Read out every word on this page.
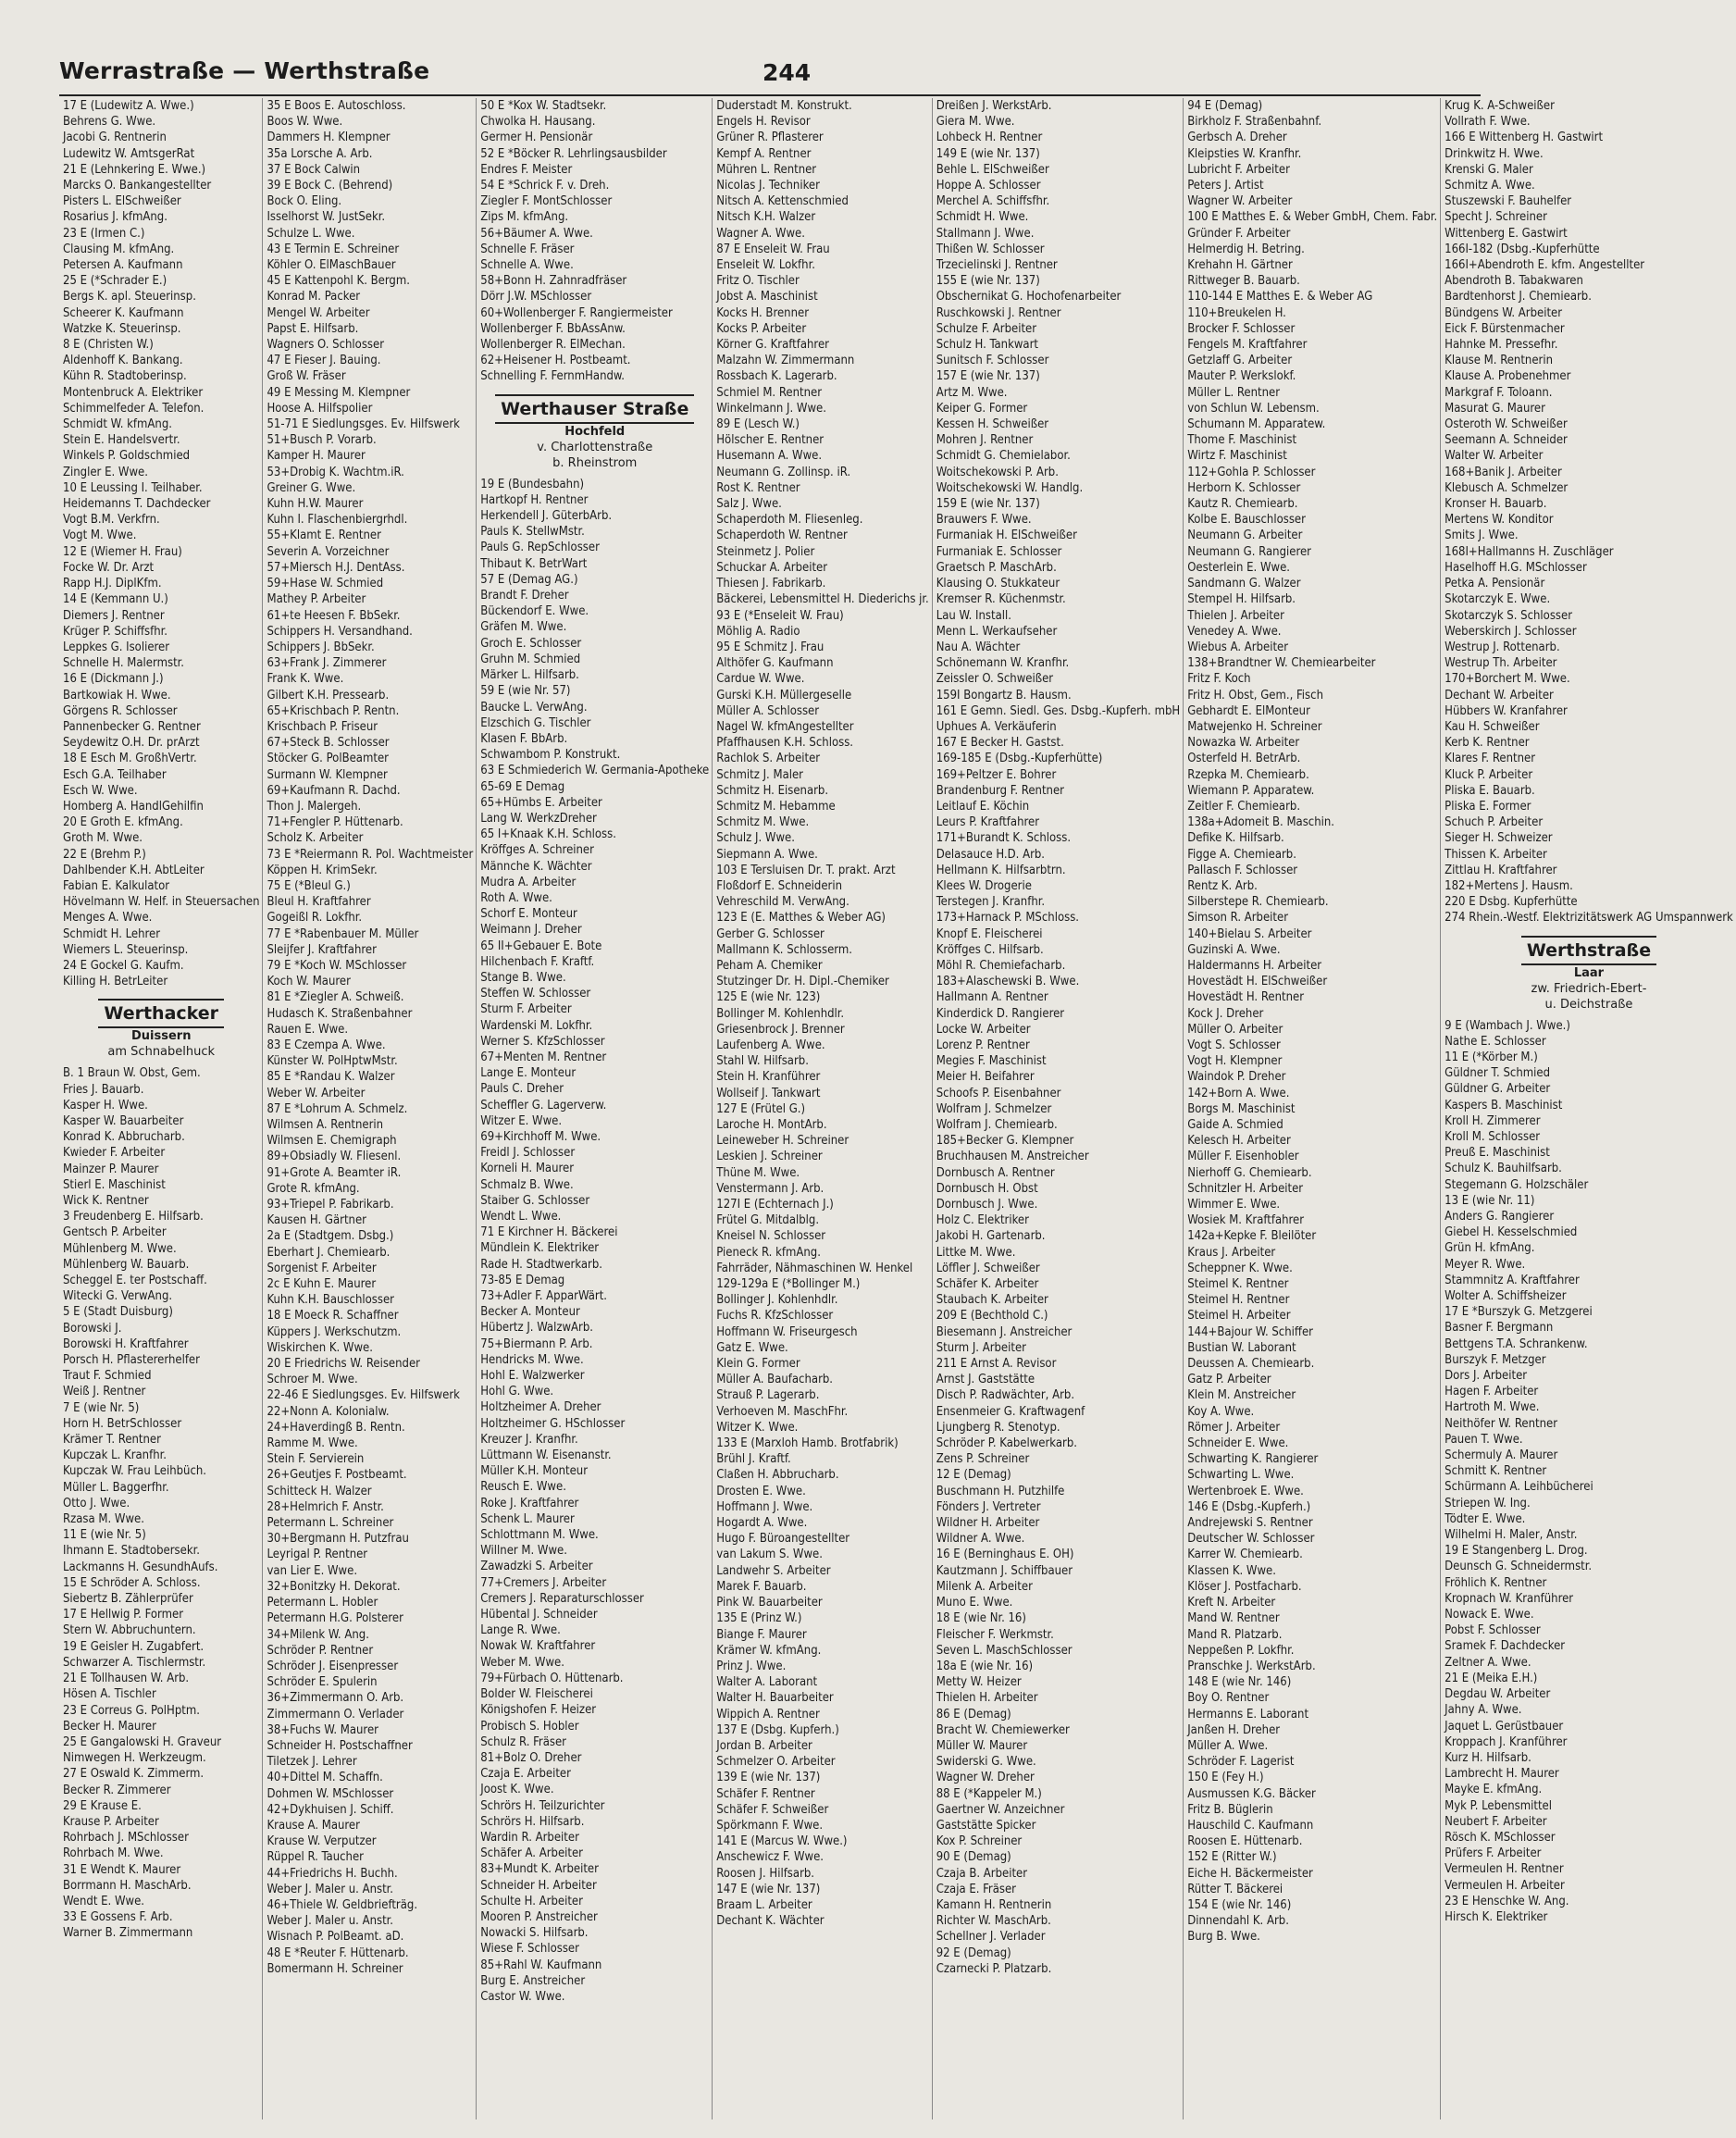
Werrastraße — Werthstraße	244
17 E (Ludewitz A. Wwe.)
Behrens G. Wwe.
Jacobi G. Rentnerin
Ludewitz W. AmtsgerRat
21 E (Lehnkering E. Wwe.)
Marcks O. Bankangestellter
Pisters L. ElSchweißer
Rosarius J. kfmAng.
23 E (Irmen C.)
Clausing M. kfmAng.
Petersen A. Kaufmann
25 E (*Schrader E.)
Bergs K. apl. Steuerinsp.
Scheerer K. Kaufmann
Watzke K. Steuerinsp.
8 E (Christen W.)
Aldenhoff K. Bankang.
Kühn R. Stadtoberinsp.
Montenbruck A. Elektriker
Schimmelfeder A. Telefon.
Schmidt W. kfmAng.
Stein E. Handelsvertr.
Winkels P. Goldschmied
Zingler E. Wwe.
10 E Leussing I. Teilhaber.
Heidemanns T. Dachdecker
Vogt B.M. Verkfrn.
Vogt M. Wwe.
12 E (Wiemer H. Frau)
Focke W. Dr. Arzt
Rapp H.J. DiplKfm.
14 E (Kemmann U.)
Diemers J. Rentner
Krüger P. Schiffsfhr.
Leppkes G. Isolierer
Schnelle H. Malermstr.
16 E (Dickmann J.)
Bartkowiak H. Wwe.
Görgens R. Schlosser
Pannenbecker G. Rentner
Seydewitz O.H. Dr. prArzt
18 E Esch M. GroßhVertr.
Esch G.A. Teilhaber
Esch W. Wwe.
Homberg A. HandlGehilfin
20 E Groth E. kfmAng.
Groth M. Wwe.
22 E (Brehm P.)
Dahlbender K.H. AbtLeiter
Fabian E. Kalkulator
Hövelmann W. Helf. in Steuersachen
Menges A. Wwe.
Schmidt H. Lehrer
Wiemers L. Steuerinsp.
24 E Gockel G. Kaufm.
Killing H. BetrLeiter
Werthacker
Duissern
am Schnabelhuck
B. 1 Braun W. Obst, Gem.
Fries J. Bauarb.
Kasper H. Wwe.
Kasper W. Bauarbeiter
Konrad K. Abbrucharb.
Kwieder F. Arbeiter
Mainzer P. Maurer
Stierl E. Maschinist
Wick K. Rentner
3 Freudenberg E. Hilfsarb.
Gentsch P. Arbeiter
Mühlenberg M. Wwe.
Mühlenberg W. Bauarb.
Scheggel E. ter Postschaff.
Witecki G. VerwAng.
5 E (Stadt Duisburg)
Borowski J.
Borowski H. Kraftfahrer
Porsch H. Pflastererhelfer
Traut F. Schmied
Weiß J. Rentner
7 E (wie Nr. 5)
Horn H. BetrSchlosser
Krämer T. Rentner
Kupczak L. Kranfhr.
Kupczak W. Frau Leihbüch.
Müller L. Baggerfhr.
Otto J. Wwe.
Rzasa M. Wwe.
11 E (wie Nr. 5)
Ihmann E. Stadtobersekr.
Lackmanns H. GesundhAufs.
15 E Schröder A. Schloss.
Siebertz B. Zählerprüfer
17 E Hellwig P. Former
Stern W. Abbruchuntern.
19 E Geisler H. Zugabfert.
Schwarzer A. Tischlermstr.
21 E Tollhausen W. Arb.
Hösen A. Tischler
23 E Correus G. PolHptm.
Becker H. Maurer
25 E Gangalowski H. Graveur
Nimwegen H. Werkzeugm.
27 E Oswald K. Zimmerm.
Becker R. Zimmerer
29 E Krause E.
Krause P. Arbeiter
Rohrbach J. MSchlosser
Rohrbach M. Wwe.
31 E Wendt K. Maurer
Borrmann H. MaschArb.
Wendt E. Wwe.
33 E Gossens F. Arb.
Warner B. Zimmermann
35 E Boos E. Autoschloss.
Boos W. Wwe.
Dammers H. Klempner
35a Lorsche A. Arb.
37 E Bock Calwin
39 E Bock C. (Behrend)
Bock O. Eling.
Isselhorst W. JustSekr.
Schulze L. Wwe.
43 E Termin E. Schreiner
Köhler O. ElMaschBauer
45 E Kattenpohl K. Bergm.
Konrad M. Packer
Mengel W. Arbeiter
Papst E. Hilfsarb.
Wagners O. Schlosser
47 E Fieser J. Bauing.
Groß W. Fräser
49 E Messing M. Klempner
Hoose A. Hilfspolier
51-71 E Siedlungsges. Ev. Hilfswerk
51+Busch P. Vorarb.
Kamper H. Maurer
53+Drobig K. Wachtm.iR.
Greiner G. Wwe.
Kuhn H.W. Maurer
Kuhn I. Flaschenbiergrhdl.
55+Klamt E. Rentner
Severin A. Vorzeichner
57+Miersch H.J. DentAss.
59+Hase W. Schmied
Mathey P. Arbeiter
61+te Heesen F. BbSekr.
Schippers H. Versandhand.
Schippers J. BbSekr.
63+Frank J. Zimmerer
Frank K. Wwe.
Gilbert K.H. Pressearb.
65+Krischbach P. Rentn.
Krischbach P. Friseur
67+Steck B. Schlosser
Stöcker G. PolBeamter
Surmann W. Klempner
69+Kaufmann R. Dachd.
Thon J. Malergeh.
71+Fengler P. Hüttenarb.
Scholz K. Arbeiter
73 E *Reiermann R. Pol. Wachtmeister
Köppen H. KrimSekr.
75 E (*Bleul G.)
Bleul H. Kraftfahrer
Gogeißl R. Lokfhr.
77 E *Rabenbauer M. Müller
Sleijfer J. Kraftfahrer
79 E *Koch W. MSchlosser
Koch W. Maurer
81 E *Ziegler A. Schweiß.
Hudasch K. Straßenbahner
Rauen E. Wwe.
83 E Czempa A. Wwe.
Künster W. PolHptwMstr.
85 E *Randau K. Walzer
Weber W. Arbeiter
87 E *Lohrum A. Schmelz.
Wilmsen A. Rentnerin
Wilmsen E. Chemigraph
89+Obsiadly W. Fliesenl.
91+Grote A. Beamter iR.
Grote R. kfmAng.
93+Triepel P. Fabrikarb.
Kausen H. Gärtner
2a E (Stadtgem. Dsbg.)
Eberhart J. Chemiearb.
Sorgenist F. Arbeiter
2c E Kuhn E. Maurer
Kuhn K.H. Bauschlosser
18 E Moeck R. Schaffner
Küppers J. Werkschutzm.
Wiskirchen K. Wwe.
20 E Friedrichs W. Reisender
Schroer M. Wwe.
22-46 E Siedlungsges. Ev. Hilfswerk
22+Nonn A. Kolonialw.
24+Haverdingß B. Rentn.
Ramme M. Wwe.
Stein F. Servierein
26+Geutjes F. Postbeamt.
Schitteck H. Walzer
28+Helmrich F. Anstr.
Petermann L. Schreiner
30+Bergmann H. Putzfrau
Leyrigal P. Rentner
van Lier E. Wwe.
32+Bonitzky H. Dekorat.
Petermann L. Hobler
Petermann H.G. Polsterer
34+Milenk W. Ang.
Schröder P. Rentner
Schröder J. Eisenpresser
Schröder E. Spulerin
36+Zimmermann O. Arb.
Zimmermann O. Verlader
38+Fuchs W. Maurer
Schneider H. Postschaffner
Tiletzek J. Lehrer
40+Dittel M. Schaffn.
Dohmen W. MSchlosser
42+Dykhuisen J. Schiff.
Krause A. Maurer
Krause W. Verputzer
Rüppel R. Taucher
44+Friedrichs H. Buchh.
Weber J. Maler u. Anstr.
46+Thiele W. Geldbriefträg.
Weber J. Maler u. Anstr.
Wisnach P. PolBeamt. aD.
48 E *Reuter F. Hüttenarb.
Bomermann H. Schreiner
50 E *Kox W. Stadtsekr.
Chwolka H. Hausang.
Germer H. Pensionär
52 E *Böcker R. Lehrlingsausbilder
Endres F. Meister
54 E *Schrick F. v. Dreh.
Ziegler F. MontSchlosser
Zips M. kfmAng.
56+Bäumer A. Wwe.
Schnelle F. Fräser
Schnelle A. Wwe.
58+Bonn H. Zahnradfräser
Dörr J.W. MSchlosser
60+Wollenberger F. Rangiermeister
Wollenberger F. BbAssAnw.
Wollenberger R. ElMechan.
62+Heisener H. Postbeamt.
Schnelling F. FernmHandw.
Werthauser Straße
Hochfeld
v. Charlottenstraße
b. Rheinstrom
19 E (Bundesbahn)
Hartkopf H. Rentner
Herkendell J. GüterbArb.
Pauls K. StellwMstr.
Pauls G. RepSchlosser
Thibaut K. BetrWart
57 E (Demag AG.)
Brandt F. Dreher
Bückendorf E. Wwe.
Gräfen M. Wwe.
Groch E. Schlosser
Gruhn M. Schmied
Märker L. Hilfsarb.
59 E (wie Nr. 57)
Baucke L. VerwAng.
Elzschich G. Tischler
Klasen F. BbArb.
Schwambom P. Konstrukt.
63 E Schmiederich W. Germania-Apotheke
65-69 E Demag
65+Hümbs E. Arbeiter
Lang W. WerkzDreher
65 I+Knaak K.H. Schloss.
Kröffges A. Schreiner
Männche K. Wächter
Mudra A. Arbeiter
Roth A. Wwe.
Schorf E. Monteur
Weimann J. Dreher
65 II+Gebauer E. Bote
Hilchenbach F. Kraftf.
Stange B. Wwe.
Steffen W. Schlosser
Sturm F. Arbeiter
Wardenski M. Lokfhr.
Werner S. KfzSchlosser
67+Menten M. Rentner
Lange E. Monteur
Pauls C. Dreher
Scheffler G. Lagerverw.
Witzer E. Wwe.
69+Kirchhoff M. Wwe.
Freidl J. Schlosser
Korneli H. Maurer
Schmalz B. Wwe.
Staiber G. Schlosser
Wendt L. Wwe.
71 E Kirchner H. Bäckerei
Mündlein K. Elektriker
Rade H. Stadtwerkarb.
73-85 E Demag
73+Adler F. ApparWärt.
Becker A. Monteur
Hübertz J. WalzwArb.
75+Biermann P. Arb.
Hendricks M. Wwe.
Hohl E. Walzwerker
Hohl G. Wwe.
Holtzheimer A. Dreher
Holtzheimer G. HSchlosser
Kreuzer J. Kranfhr.
Lüttmann W. Eisenanstr.
Müller K.H. Monteur
Reusch E. Wwe.
Roke J. Kraftfahrer
Schenk L. Maurer
Schlottmann M. Wwe.
Willner M. Wwe.
Zawadzki S. Arbeiter
77+Cremers J. Arbeiter
Cremers J. Reparaturschlosser
Hübental J. Schneider
Lange R. Wwe.
Nowak W. Kraftfahrer
Weber M. Wwe.
79+Fürbach O. Hüttenarb.
Bolder W. Fleischerei
Königshofen F. Heizer
Probisch S. Hobler
Schulz R. Fräser
81+Bolz O. Dreher
Czaja E. Arbeiter
Joost K. Wwe.
Schrörs H. Teilzurichter
Schrörs H. Hilfsarb.
Wardin R. Arbeiter
Schäfer A. Arbeiter
83+Mundt K. Arbeiter
Schneider H. Arbeiter
Schulte H. Arbeiter
Mooren P. Anstreicher
Nowacki S. Hilfsarb.
Wiese F. Schlosser
85+Rahl W. Kaufmann
Burg E. Anstreicher
Castor W. Wwe.
Duderstadt M. Konstrukt.
Engels H. Revisor
Grüner R. Pflasterer
Kempf A. Rentner
Mühren L. Rentner
Nicolas J. Techniker
Nitsch A. Kettenschmied
Nitsch K.H. Walzer
Wagner A. Wwe.
87 E Enseleit W. Frau
Enseleit W. Lokfhr.
Fritz O. Tischler
Jobst A. Maschinist
Kocks H. Brenner
Kocks P. Arbeiter
Körner G. Kraftfahrer
Malzahn W. Zimmermann
Rossbach K. Lagerarb.
Schmiel M. Rentner
Winkelmann J. Wwe.
89 E (Lesch W.)
Hölscher E. Rentner
Husemann A. Wwe.
Neumann G. Zollinsp. iR.
Rost K. Rentner
Salz J. Wwe.
Schaperdoth M. Fliesenleg.
Schaperdoth W. Rentner
Steinmetz J. Polier
Schuckar A. Arbeiter
Thiesen J. Fabrikarb.
Bäckerei, Lebensmittel H. Diederichs jr.
93 E (*Enseleit W. Frau)
Möhlig A. Radio
95 E Schmitz J. Frau
Althöfer G. Kaufmann
Cardue W. Wwe.
Gurski K.H. Müllergeselle
Müller A. Schlosser
Nagel W. kfmAngestellter
Pfaffhausen K.H. Schloss.
Rachlok S. Arbeiter
Schmitz J. Maler
Schmitz H. Eisenarb.
Schmitz M. Hebamme
Schmitz M. Wwe.
Schulz J. Wwe.
Siepmann A. Wwe.
103 E Tersluisen Dr. T. prakt. Arzt
Floßdorf E. Schneiderin
Vehreschild M. VerwAng.
123 E (E. Matthes & Weber AG)
Gerber G. Schlosser
Mallmann K. Schlosserm.
Peham A. Chemiker
Stutzinger Dr. H. Dipl.-Chemiker
125 E (wie Nr. 123)
Bollinger M. Kohlenhdlr.
Griesenbrock J. Brenner
Laufenberg A. Wwe.
Stahl W. Hilfsarb.
Stein H. Kranführer
Wollseif J. Tankwart
127 E (Frütel G.)
Laroche H. MontArb.
Leineweber H. Schreiner
Leskien J. Schreiner
Thüne M. Wwe.
Venstermann J. Arb.
127I E (Echternach J.)
Frütel G. Mitdalblg.
Kneisel N. Schlosser
Pieneck R. kfmAng.
Fahrräder, Nähmaschinen W. Henkel
129-129a E (*Bollinger M.)
Bollinger J. Kohlenhdlr.
Fuchs R. KfzSchlosser
Hoffmann W. Friseurgesch
Gatz E. Wwe.
Klein G. Former
Müller A. Baufacharb.
Strauß P. Lagerarb.
Verhoeven M. MaschFhr.
Witzer K. Wwe.
133 E (Marxloh Hamb. Brotfabrik)
Brühl J. Kraftf.
Claßen H. Abbrucharb.
Drosten E. Wwe.
Hoffmann J. Wwe.
Hogardt A. Wwe.
Hugo F. Büroangestellter
van Lakum S. Wwe.
Landwehr S. Arbeiter
Marek F. Bauarb.
Pink W. Bauarbeiter
135 E (Prinz W.)
Biange F. Maurer
Krämer W. kfmAng.
Prinz J. Wwe.
Walter A. Laborant
Walter H. Bauarbeiter
Wippich A. Rentner
137 E (Dsbg. Kupferh.)
Jordan B. Arbeiter
Schmelzer O. Arbeiter
139 E (wie Nr. 137)
Schäfer F. Rentner
Schäfer F. Schweißer
Spörkmann F. Wwe.
141 E (Marcus W. Wwe.)
Anschewicz F. Wwe.
Roosen J. Hilfsarb.
147 E (wie Nr. 137)
Braam L. Arbeiter
Dechant K. Wächter
Dreißen J. WerkstArb.
Giera M. Wwe.
Lohbeck H. Rentner
149 E (wie Nr. 137)
Behle L. ElSchweißer
Hoppe A. Schlosser
Merchel A. Schiffsfhr.
Schmidt H. Wwe.
Stallmann J. Wwe.
Thißen W. Schlosser
Trzecielinski J. Rentner
155 E (wie Nr. 137)
Obschernikat G. Hochofenarbeiter
Ruschkowski J. Rentner
Schulze F. Arbeiter
Schulz H. Tankwart
Sunitsch F. Schlosser
157 E (wie Nr. 137)
Artz M. Wwe.
Keiper G. Former
Kessen H. Schweißer
Mohren J. Rentner
Schmidt G. Chemielabor.
Woitschekowski P. Arb.
Woitschekowski W. Handlg.
159 E (wie Nr. 137)
Brauwers F. Wwe.
Furmaniak H. ElSchweißer
Furmaniak E. Schlosser
Graetsch P. MaschArb.
Klausing O. Stukkateur
Kremser R. Küchenmstr.
Lau W. Install.
Menn L. Werkaufseher
Nau A. Wächter
Schönemann W. Kranfhr.
Zeissler O. Schweißer
159I Bongartz B. Hausm.
161 E Gemn. Siedl. Ges. Dsbg.-Kupferh. mbH
Uphues A. Verkäuferin
167 E Becker H. Gastst.
169-185 E (Dsbg.-Kupferhütte)
169+Peltzer E. Bohrer
Brandenburg F. Rentner
Leitlauf E. Köchin
Leurs P. Kraftfahrer
171+Burandt K. Schloss.
Delasauce H.D. Arb.
Hellmann K. Hilfsarbtrn.
Klees W. Drogerie
Terstegen J. Kranfhr.
173+Harnack P. MSchloss.
Knopf E. Fleischerei
Kröffges C. Hilfsarb.
Möhl R. Chemiefacharb.
183+Alaschewski B. Wwe.
Hallmann A. Rentner
Kinderdick D. Rangierer
Locke W. Arbeiter
Lorenz P. Rentner
Megies F. Maschinist
Meier H. Beifahrer
Schoofs P. Eisenbahner
Wolfram J. Schmelzer
Wolfram J. Chemiearb.
185+Becker G. Klempner
Bruchhausen M. Anstreicher
Dornbusch A. Rentner
Dornbusch H. Obst
Dornbusch J. Wwe.
Holz C. Elektriker
Jakobi H. Gartenarb.
Littke M. Wwe.
Löffler J. Schweißer
Schäfer K. Arbeiter
Staubach K. Arbeiter
209 E (Bechthold C.)
Biesemann J. Anstreicher
Sturm J. Arbeiter
211 E Arnst A. Revisor
Arnst J. Gaststätte
Disch P. Radwächter, Arb.
Ensenmeier G. Kraftwagenf
Ljungberg R. Stenotyp.
Schröder P. Kabelwerkarb.
Zens P. Schreiner
12 E (Demag)
Buschmann H. Putzhilfe
Fönders J. Vertreter
Wildner H. Arbeiter
Wildner A. Wwe.
16 E (Berninghaus E. OH)
Kautzmann J. Schiffbauer
Milenk A. Arbeiter
Muno E. Wwe.
18 E (wie Nr. 16)
Fleischer F. Werkmstr.
Seven L. MaschSchlosser
18a E (wie Nr. 16)
Metty W. Heizer
Thielen H. Arbeiter
86 E (Demag)
Bracht W. Chemiewerker
Müller W. Maurer
Swiderski G. Wwe.
Wagner W. Dreher
88 E (*Kappeler M.)
Gaertner W. Anzeichner
Gaststätte Spicker
Kox P. Schreiner
90 E (Demag)
Czaja B. Arbeiter
Czaja E. Fräser
Kamann H. Rentnerin
Richter W. MaschArb.
Schellner J. Verlader
92 E (Demag)
Czarnecki P. Platzarb.
94 E (Demag)
Birkholz F. Straßenbahnf.
Gerbsch A. Dreher
Kleipsties W. Kranfhr.
Lubricht F. Arbeiter
Peters J. Artist
Wagner W. Arbeiter
100 E Matthes E. & Weber GmbH, Chem. Fabr.
Gründer F. Arbeiter
Helmerdig H. Betring.
Krehahn H. Gärtner
Rittweger B. Bauarb.
110-144 E Matthes E. & Weber AG
110+Breukelen H.
Brocker F. Schlosser
Fengels M. Kraftfahrer
Getzlaff G. Arbeiter
Mauter P. Werkslokf.
Müller L. Rentner
von Schlun W. Lebensm.
Schumann M. Apparatew.
Thome F. Maschinist
Wirtz F. Maschinist
112+Gohla P. Schlosser
Herborn K. Schlosser
Kautz R. Chemiearb.
Kolbe E. Bauschlosser
Neumann G. Arbeiter
Neumann G. Rangierer
Oesterlein E. Wwe.
Sandmann G. Walzer
Stempel H. Hilfsarb.
Thielen J. Arbeiter
Venedey A. Wwe.
Wiebus A. Arbeiter
138+Brandtner W. Chemiearbeiter
Fritz F. Koch
Fritz H. Obst, Gem., Fisch
Gebhardt E. ElMonteur
Matwejenko H. Schreiner
Nowazka W. Arbeiter
Osterfeld H. BetrArb.
Rzepka M. Chemiearb.
Wiemann P. Apparatew.
Zeitler F. Chemiearb.
138a+Adomeit B. Maschin.
Defike K. Hilfsarb.
Figge A. Chemiearb.
Pallasch F. Schlosser
Rentz K. Arb.
Silberstepe R. Chemiearb.
Simson R. Arbeiter
140+Bielau S. Arbeiter
Guzinski A. Wwe.
Haldermanns H. Arbeiter
Hovestädt H. ElSchweißer
Hovestädt H. Rentner
Kock J. Dreher
Müller O. Arbeiter
Vogt S. Schlosser
Vogt H. Klempner
Waindok P. Dreher
142+Born A. Wwe.
Borgs M. Maschinist
Gaide A. Schmied
Kelesch H. Arbeiter
Müller F. Eisenhobler
Nierhoff G. Chemiearb.
Schnitzler H. Arbeiter
Wimmer E. Wwe.
Wosiek M. Kraftfahrer
142a+Kepke F. Bleilöter
Kraus J. Arbeiter
Scheppner K. Wwe.
Steimel K. Rentner
Steimel H. Rentner
Steimel H. Arbeiter
144+Bajour W. Schiffer
Bustian W. Laborant
Deussen A. Chemiearb.
Gatz P. Arbeiter
Klein M. Anstreicher
Koy A. Wwe.
Römer J. Arbeiter
Schneider E. Wwe.
Schwarting K. Rangierer
Schwarting L. Wwe.
Wertenbroek E. Wwe.
146 E (Dsbg.-Kupferh.)
Andrejewski S. Rentner
Deutscher W. Schlosser
Karrer W. Chemiearb.
Klassen K. Wwe.
Klöser J. Postfacharb.
Kreft N. Arbeiter
Mand W. Rentner
Mand R. Platzarb.
Neppeßen P. Lokfhr.
Pranschke J. WerkstArb.
148 E (wie Nr. 146)
Boy O. Rentner
Hermanns E. Laborant
Janßen H. Dreher
Müller A. Wwe.
Schröder F. Lagerist
150 E (Fey H.)
Ausmussen K.G. Bäcker
Fritz B. Büglerin
Hauschild C. Kaufmann
Roosen E. Hüttenarb.
152 E (Ritter W.)
Eiche H. Bäckermeister
Rütter T. Bäckerei
154 E (wie Nr. 146)
Dinnendahl K. Arb.
Burg B. Wwe.
Krug K. A-Schweißer
Vollrath F. Wwe.
166 E Wittenberg H. Gastwirt
Drinkwitz H. Wwe.
Krenski G. Maler
Schmitz A. Wwe.
Stuszewski F. Bauhelfer
Specht J. Schreiner
Wittenberg E. Gastwirt
166I-182 (Dsbg.-Kupferhütte
166I+Abendroth E. kfm. Angestellter
Abendroth B. Tabakwaren
Bardtenhorst J. Chemiearb.
Bündgens W. Arbeiter
Eick F. Bürstenmacher
Hahnke M. Pressefhr.
Klause M. Rentnerin
Klause A. Probenehmer
Markgraf F. Toloann.
Masurat G. Maurer
Osteroth W. Schweißer
Seemann A. Schneider
Walter W. Arbeiter
168+Banik J. Arbeiter
Klebusch A. Schmelzer
Kronser H. Bauarb.
Mertens W. Konditor
Smits J. Wwe.
168I+Hallmanns H. Zuschläger
Haselhoff H.G. MSchlosser
Petka A. Pensionär
Skotarczyk E. Wwe.
Skotarczyk S. Schlosser
Weberskirch J. Schlosser
Westrup J. Rottenarb.
Westrup Th. Arbeiter
170+Borchert M. Wwe.
Dechant W. Arbeiter
Hübbers W. Kranfahrer
Kau H. Schweißer
Kerb K. Rentner
Klares F. Rentner
Kluck P. Arbeiter
Pliska E. Bauarb.
Pliska E. Former
Schuch P. Arbeiter
Sieger H. Schweizer
Thissen K. Arbeiter
Zittlau H. Kraftfahrer
182+Mertens J. Hausm.
220 E Dsbg. Kupferhütte
274 Rhein.-Westf. Elektrizitätswerk AG Umspannwerk
Werthstraße
Laar
zw. Friedrich-Ebert-
u. Deichstraße
9 E (Wambach J. Wwe.)
Nathe E. Schlosser
11 E (*Körber M.)
Güldner T. Schmied
Güldner G. Arbeiter
Kaspers B. Maschinist
Kroll H. Zimmerer
Kroll M. Schlosser
Preuß E. Maschinist
Schulz K. Bauhilfsarb.
Stegemann G. Holzschäler
13 E (wie Nr. 11)
Anders G. Rangierer
Giebel H. Kesselschmied
Grün H. kfmAng.
Meyer R. Wwe.
Stammnitz A. Kraftfahrer
Wolter A. Schiffsheizer
17 E *Burszyk G. Metzgerei
Basner F. Bergmann
Bettgens T.A. Schrankenw.
Burszyk F. Metzger
Dors J. Arbeiter
Hagen F. Arbeiter
Hartroth M. Wwe.
Neithöfer W. Rentner
Pauen T. Wwe.
Schermuly A. Maurer
Schmitt K. Rentner
Schürmann A. Leihbücherei
Striepen W. Ing.
Tödter E. Wwe.
Wilhelmi H. Maler, Anstr.
19 E Stangenberg L. Drog.
Deunsch G. Schneidermstr.
Fröhlich K. Rentner
Kropnach W. Kranführer
Nowack E. Wwe.
Pobst F. Schlosser
Sramek F. Dachdecker
Zeltner A. Wwe.
21 E (Meika E.H.)
Degdau W. Arbeiter
Jahny A. Wwe.
Jaquet L. Gerüstbauer
Kroppach J. Kranführer
Kurz H. Hilfsarb.
Lambrecht H. Maurer
Mayke E. kfmAng.
Myk P. Lebensmittel
Neubert F. Arbeiter
Rösch K. MSchlosser
Prüfers F. Arbeiter
Vermeulen H. Rentner
Vermeulen H. Arbeiter
23 E Henschke W. Ang.
Hirsch K. Elektriker
